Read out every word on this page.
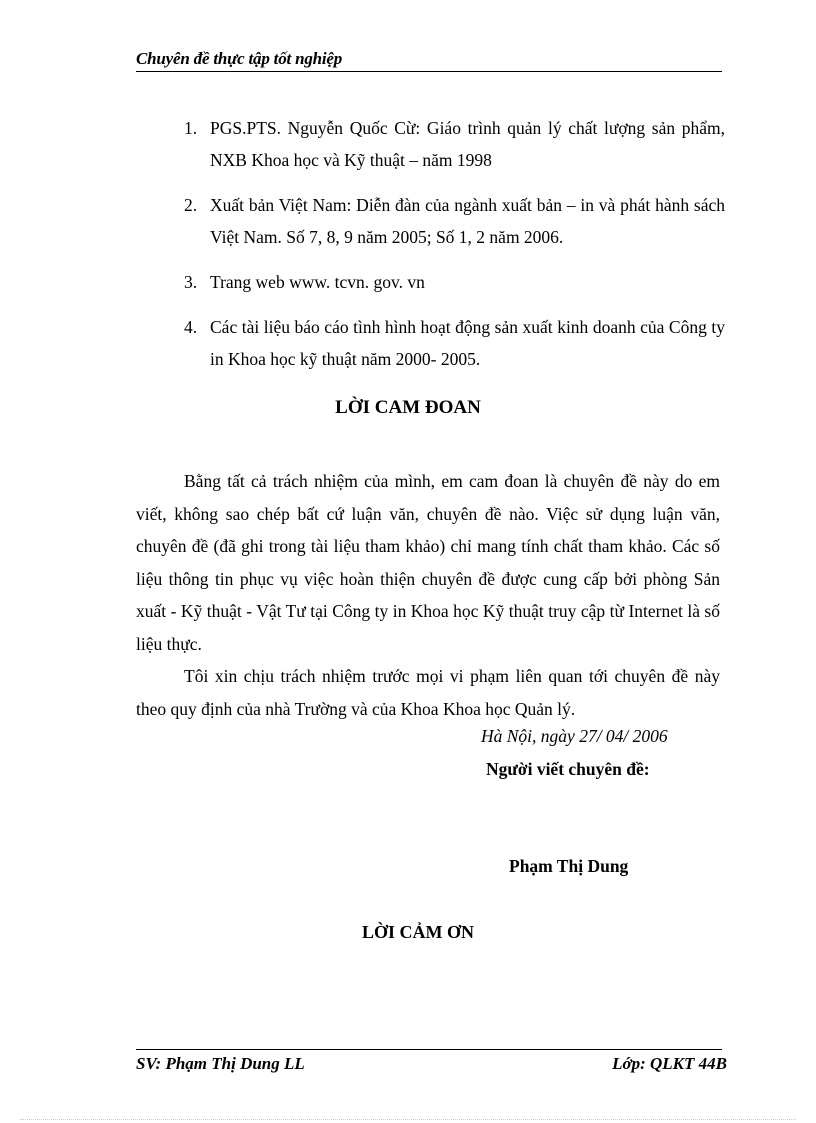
Chuyên đề thực tập tốt nghiệp
1. PGS.PTS. Nguyễn Quốc Cừ: Giáo trình quản lý chất lượng sản phẩm, NXB Khoa học và Kỹ thuật – năm 1998
2. Xuất bản Việt Nam: Diễn đàn của ngành xuất bản – in và phát hành sách Việt Nam. Số 7, 8, 9 năm 2005; Số 1, 2 năm 2006.
3. Trang web www. tcvn. gov. vn
4. Các tài liệu báo cáo tình hình hoạt động sản xuất kinh doanh của Công ty in Khoa học kỹ thuật năm 2000- 2005.
LỜI CAM ĐOAN

Bằng tất cả trách nhiệm của mình, em cam đoan là chuyên đề này do em viết, không sao chép bất cứ luận văn, chuyên đề nào. Việc sử dụng luận văn, chuyên đề (đã ghi trong tài liệu tham khảo) chỉ mang tính chất tham khảo. Các số liệu thông tin phục vụ việc hoàn thiện chuyên đề được cung cấp bởi phòng Sản xuất - Kỹ thuật - Vật Tư tại Công ty in Khoa học Kỹ thuật truy cập từ Internet là số liệu thực.

Tôi xin chịu trách nhiệm trước mọi vi phạm liên quan tới chuyên đề này theo quy định của nhà Trường và của Khoa Khoa học Quản lý.

Hà Nội, ngày 27/ 04/ 2006
Người viết chuyên đề:
Phạm Thị Dung
LỜI CẢM ƠN
SV: Phạm Thị Dung LL	Lớp: QLKT 44B
